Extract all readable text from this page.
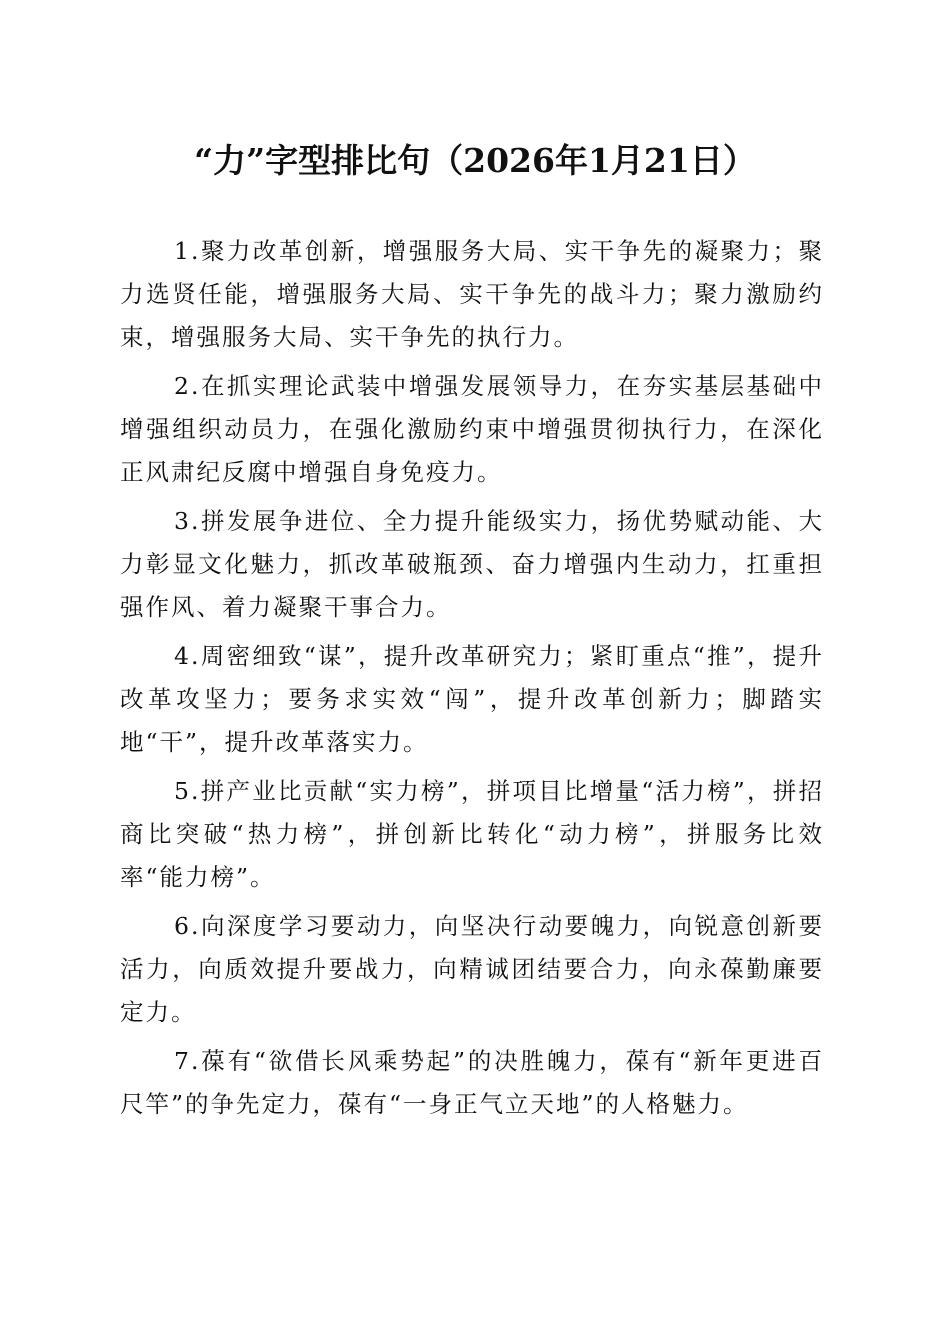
“力”字型排比句（2026年1月21日）

1.聚力改革创新，增强服务大局、实干争先的凝聚力；聚力选贤任能，增强服务大局、实干争先的战斗力；聚力激励约束，增强服务大局、实干争先的执行力。

2.在抓实理论武装中增强发展领导力，在夯实基层基础中增强组织动员力，在强化激励约束中增强贯彻执行力，在深化正风肃纪反腐中增强自身免疫力。

3.拼发展争进位、全力提升能级实力，扬优势赋动能、大力彰显文化魅力，抓改革破瓶颈、奋力增强内生动力，扛重担强作风、着力凝聚干事合力。

4.周密细致“谋”，提升改革研究力；紧盯重点“推”，提升改革攻坚力；要务求实效“闯”，提升改革创新力；脚踏实地“干”，提升改革落实力。

5.拼产业比贡献“实力榜”，拼项目比增量“活力榜”，拼招商比突破“热力榜”，拼创新比转化“动力榜”，拼服务比效率“能力榜”。

6.向深度学习要动力，向坚决行动要魄力，向锐意创新要活力，向质效提升要战力，向精诚团结要合力，向永葆勤廉要定力。

7.葆有“欲借长风乘势起”的决胜魄力，葆有“新年更进百尺竿”的争先定力，葆有“一身正气立天地”的人格魅力。
